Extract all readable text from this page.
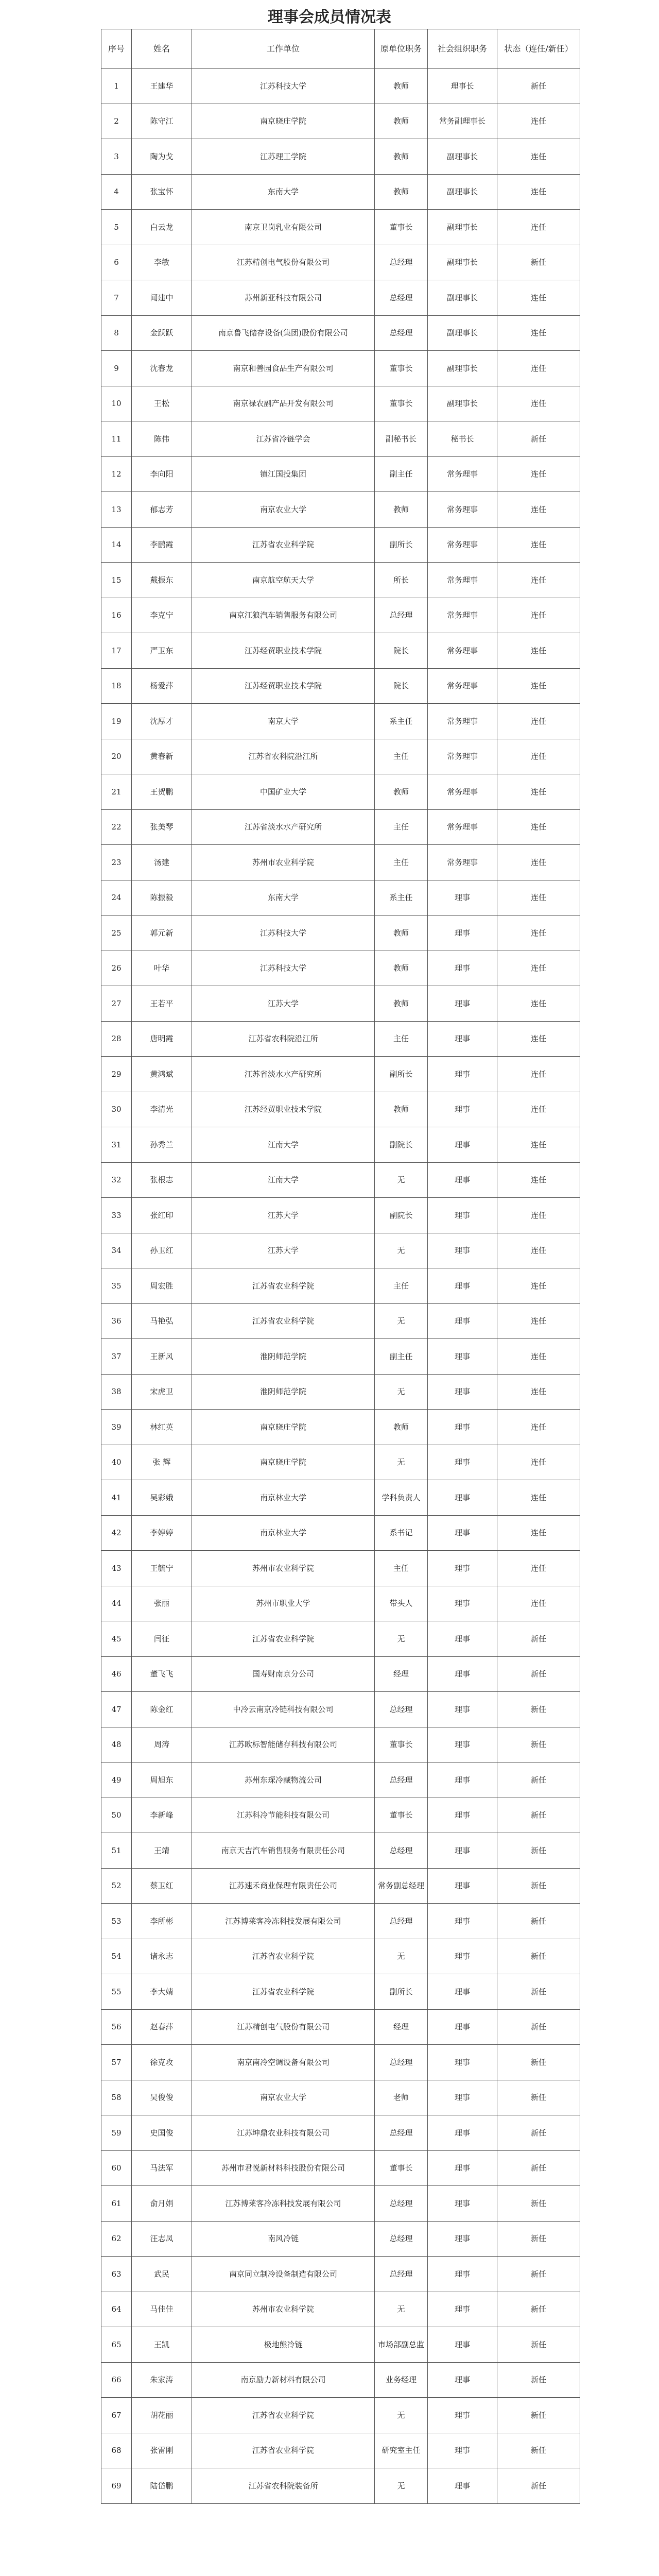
理事会成员情况表
序号	姓名	工作单位	原单位职务	社会组织职务	状态（连任/新任）
1	王建华	江苏科技大学	教师	理事长	新任
2	陈守江	南京晓庄学院	教师	常务副理事长	连任
3	陶为戈	江苏理工学院	教师	副理事长	连任
4	张宝怀	东南大学	教师	副理事长	连任
5	白云龙	南京卫岗乳业有限公司	董事长	副理事长	连任
6	李敏	江苏精创电气股份有限公司	总经理	副理事长	新任
7	闻建中	苏州新亚科技有限公司	总经理	副理事长	连任
8	金跃跃	南京鲁飞储存设备(集团)股份有限公司	总经理	副理事长	连任
9	沈春龙	南京和善园食品生产有限公司	董事长	副理事长	连任
10	王松	南京禄农副产品开发有限公司	董事长	副理事长	连任
11	陈伟	江苏省冷链学会	副秘书长	秘书长	新任
12	李向阳	镇江国投集团	副主任	常务理事	连任
13	郁志芳	南京农业大学	教师	常务理事	连任
14	李鹏霞	江苏省农业科学院	副所长	常务理事	连任
15	戴振东	南京航空航天大学	所长	常务理事	连任
16	李克宁	南京江狼汽车销售服务有限公司	总经理	常务理事	连任
17	严卫东	江苏经贸职业技术学院	院长	常务理事	连任
18	杨爱萍	江苏经贸职业技术学院	院长	常务理事	连任
19	沈厚才	南京大学	系主任	常务理事	连任
20	黄春新	江苏省农科院沿江所	主任	常务理事	连任
21	王贺鹏	中国矿业大学	教师	常务理事	连任
22	张美琴	江苏省淡水水产研究所	主任	常务理事	连任
23	汤建	苏州市农业科学院	主任	常务理事	连任
24	陈振毅	东南大学	系主任	理事	连任
25	郭元新	江苏科技大学	教师	理事	连任
26	叶华	江苏科技大学	教师	理事	连任
27	王若平	江苏大学	教师	理事	连任
28	唐明霞	江苏省农科院沿江所	主任	理事	连任
29	黄鸿斌	江苏省淡水水产研究所	副所长	理事	连任
30	李清光	江苏经贸职业技术学院	教师	理事	连任
31	孙秀兰	江南大学	副院长	理事	连任
32	张根志	江南大学	无	理事	连任
33	张红印	江苏大学	副院长	理事	连任
34	孙卫红	江苏大学	无	理事	连任
35	周宏胜	江苏省农业科学院	主任	理事	连任
36	马艳弘	江苏省农业科学院	无	理事	连任
37	王新风	淮阴师范学院	副主任	理事	连任
38	宋虎卫	淮阴师范学院	无	理事	连任
39	林红英	南京晓庄学院	教师	理事	连任
40	张 辉	南京晓庄学院	无	理事	连任
41	吴彩娥	南京林业大学	学科负责人	理事	连任
42	李婷婷	南京林业大学	系书记	理事	连任
43	王毓宁	苏州市农业科学院	主任	理事	连任
44	张丽	苏州市职业大学	带头人	理事	连任
45	闫征	江苏省农业科学院	无	理事	新任
46	董飞飞	国寿财南京分公司	经理	理事	新任
47	陈金红	中冷云南京冷链科技有限公司	总经理	理事	新任
48	周涛	江苏欧标智能储存科技有限公司	董事长	理事	新任
49	周旭东	苏州东琛冷藏物流公司	总经理	理事	新任
50	李新峰	江苏科冷节能科技有限公司	董事长	理事	新任
51	王靖	南京天吉汽车销售服务有限责任公司	总经理	理事	新任
52	蔡卫红	江苏速禾商业保理有限责任公司	常务副总经理	理事	新任
53	李所彬	江苏博莱客冷冻科技发展有限公司	总经理	理事	新任
54	诸永志	江苏省农业科学院	无	理事	新任
55	李大婧	江苏省农业科学院	副所长	理事	新任
56	赵春萍	江苏精创电气股份有限公司	经理	理事	新任
57	徐克攻	南京南冷空调设备有限公司	总经理	理事	新任
58	吴俊俊	南京农业大学	老师	理事	新任
59	史国俊	江苏坤鼎农业科技有限公司	总经理	理事	新任
60	马法军	苏州市君悦新材料科技股份有限公司	董事长	理事	新任
61	俞月娟	江苏博莱客冷冻科技发展有限公司	总经理	理事	新任
62	汪志凤	南风冷链	总经理	理事	新任
63	武民	南京同立制冷设备制造有限公司	总经理	理事	新任
64	马佳佳	苏州市农业科学院	无	理事	新任
65	王凯	极地熊冷链	市场部副总监	理事	新任
66	朱家涛	南京励力新材料有限公司	业务经理	理事	新任
67	胡花丽	江苏省农业科学院	无	理事	新任
68	张雷刚	江苏省农业科学院	研究室主任	理事	新任
69	陆岱鹏	江苏省农科院装备所	无	理事	新任
